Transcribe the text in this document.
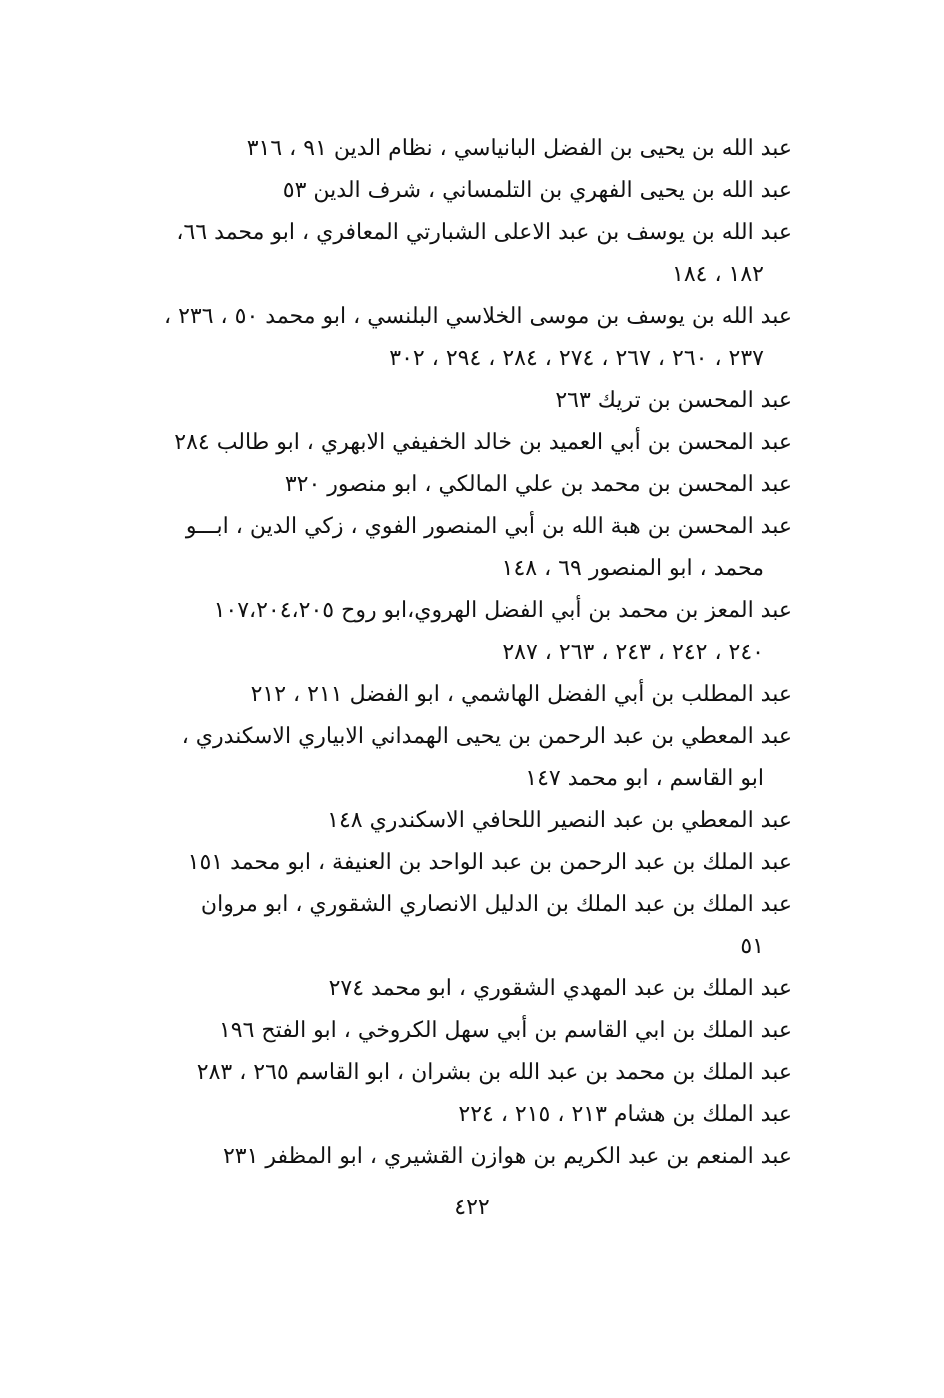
عبد الله بن يحيى بن الفضل البانياسي ، نظام الدين ٩١ ، ٣١٦
عبد الله بن يحيى الفهري بن التلمساني ، شرف الدين ٥٣
عبد الله بن يوسف بن عبد الاعلى الشبارتي المعافري ، ابو محمد ٦٦،
١٨٢ ، ١٨٤
عبد الله بن يوسف بن موسى الخلاسي البلنسي ، ابو محمد ٥٠ ، ٢٣٦ ،
٢٣٧ ، ٢٦٠ ، ٢٦٧ ، ٢٧٤ ، ٢٨٤ ، ٢٩٤ ، ٣٠٢
عبد المحسن بن تريك ٢٦٣
عبد المحسن بن أبي العميد بن خالد الخفيفي الابهري ، ابو طالب ٢٨٤
عبد المحسن بن محمد بن علي المالكي ، ابو منصور ٣٢٠
عبد المحسن بن هبة الله بن أبي المنصور الفوي ، زكي الدين ، ابـــو
محمد ، ابو المنصور ٦٩ ، ١٤٨
عبد المعز بن محمد بن أبي الفضل الهروي،ابو روح ١٠٧،٢٠٤،٢٠٥
٢٤٠ ، ٢٤٢ ، ٢٤٣ ، ٢٦٣ ، ٢٨٧
عبد المطلب بن أبي الفضل الهاشمي ، ابو الفضل ٢١١ ، ٢١٢
عبد المعطي بن عبد الرحمن بن يحيى الهمداني الابياري الاسكندري ،
ابو القاسم ، ابو محمد ١٤٧
عبد المعطي بن عبد النصير اللحافي الاسكندري ١٤٨
عبد الملك بن عبد الرحمن بن عبد الواحد بن العنيفة ، ابو محمد ١٥١
عبد الملك بن عبد الملك بن الدليل الانصاري الشقوري ، ابو مروان
٥١
عبد الملك بن عبد المهدي الشقوري ، ابو محمد ٢٧٤
عبد الملك بن ابي القاسم بن أبي سهل الكروخي ، ابو الفتح ١٩٦
عبد الملك بن محمد بن عبد الله بن بشران ، ابو القاسم ٢٦٥ ، ٢٨٣
عبد الملك بن هشام ٢١٣ ، ٢١٥ ، ٢٢٤
عبد المنعم بن عبد الكريم بن هوازن القشيري ، ابو المظفر ٢٣١
٤٢٢
